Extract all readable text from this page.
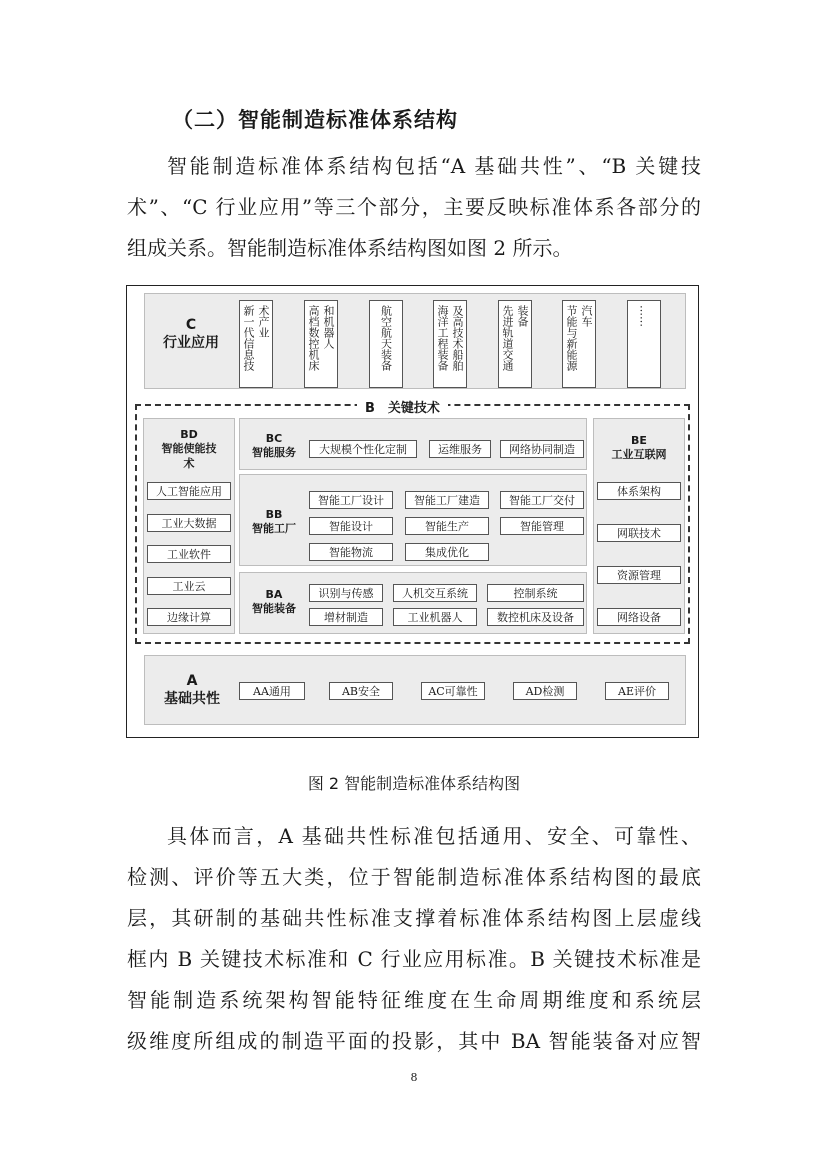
（二）智能制造标准体系结构
智能制造标准体系结构包括“A 基础共性”、“B 关键技
术”、“C 行业应用”等三个部分，主要反映标准体系各部分的
组成关系。智能制造标准体系结构图如图 2 所示。
C
行业应用	新一代信息技 术产业	高档数控机床 和机器人	航空航天装备	海洋工程装备 及高技术船舶	先进轨道交通 装备	节能与新能源 汽车	……
B　关键技术
BD
智能使能技术
人工智能应用
工业大数据
工业软件
工业云
边缘计算
BC
智能服务	大规模个性化定制	运维服务	网络协同制造
BB
智能工厂
智能工厂设计	智能工厂建造	智能工厂交付
智能设计	智能生产	智能管理
智能物流	集成优化
BA
智能装备
识别与传感	人机交互系统	控制系统
增材制造	工业机器人	数控机床及设备
BE
工业互联网
体系架构
网联技术
资源管理
网络设备
A
基础共性	AA通用	AB安全	AC可靠性	AD检测	AE评价
图 2 智能制造标准体系结构图
具体而言，A 基础共性标准包括通用、安全、可靠性、
检测、评价等五大类，位于智能制造标准体系结构图的最底
层，其研制的基础共性标准支撑着标准体系结构图上层虚线
框内 B 关键技术标准和 C 行业应用标准。B 关键技术标准是
智能制造系统架构智能特征维度在生命周期维度和系统层
级维度所组成的制造平面的投影，其中 BA 智能装备对应智
8
